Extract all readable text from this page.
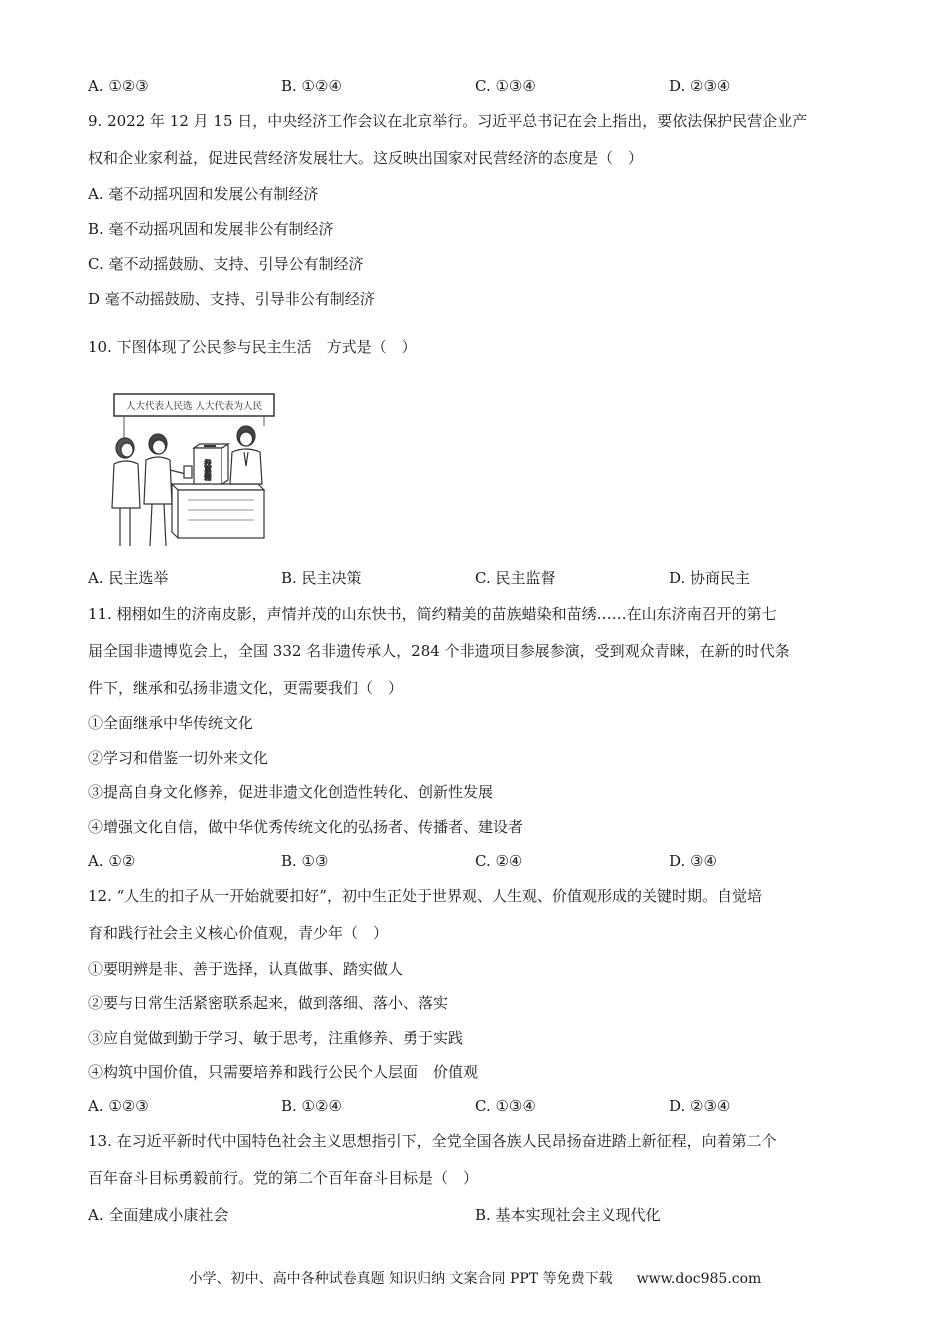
A. ①②③	B. ①②④	C. ①③④	D. ②③④
9. 2022 年 12 月 15 日，中央经济工作会议在北京举行。习近平总书记在会上指出，要依法保护民营企业产
权和企业家利益，促进民营经济发展壮大。这反映出国家对民营经济的态度是（　）
A. 毫不动摇巩固和发展公有制经济
B. 毫不动摇巩固和发展非公有制经济
C. 毫不动摇鼓励、支持、引导公有制经济
D 毫不动摇鼓励、支持、引导非公有制经济
10. 下图体现了公民参与民主生活　方式是（　）
人大代表人民选 人大代表为人民
投票箱
A. 民主选举	B. 民主决策	C. 民主监督	D. 协商民主
11. 栩栩如生的济南皮影，声情并茂的山东快书，简约精美的苗族蜡染和苗绣……在山东济南召开的第七
届全国非遗博览会上，全国 332 名非遗传承人，284 个非遗项目参展参演，受到观众青睐，在新的时代条
件下，继承和弘扬非遗文化，更需要我们（　）
①全面继承中华传统文化
②学习和借鉴一切外来文化
③提高自身文化修养，促进非遗文化创造性转化、创新性发展
④增强文化自信，做中华优秀传统文化的弘扬者、传播者、建设者
A. ①②	B. ①③	C. ②④	D. ③④
12. “人生的扣子从一开始就要扣好”，初中生正处于世界观、人生观、价值观形成的关键时期。自觉培
育和践行社会主义核心价值观，青少年（　）
①要明辨是非、善于选择，认真做事、踏实做人
②要与日常生活紧密联系起来，做到落细、落小、落实
③应自觉做到勤于学习、敏于思考，注重修养、勇于实践
④构筑中国价值，只需要培养和践行公民个人层面　价值观
A. ①②③	B. ①②④	C. ①③④	D. ②③④
13. 在习近平新时代中国特色社会主义思想指引下，全党全国各族人民昂扬奋进踏上新征程，向着第二个
百年奋斗目标勇毅前行。党的第二个百年奋斗目标是（　）
A. 全面建成小康社会	B. 基本实现社会主义现代化
小学、初中、高中各种试卷真题 知识归纳 文案合同 PPT 等免费下载 www.doc985.com
